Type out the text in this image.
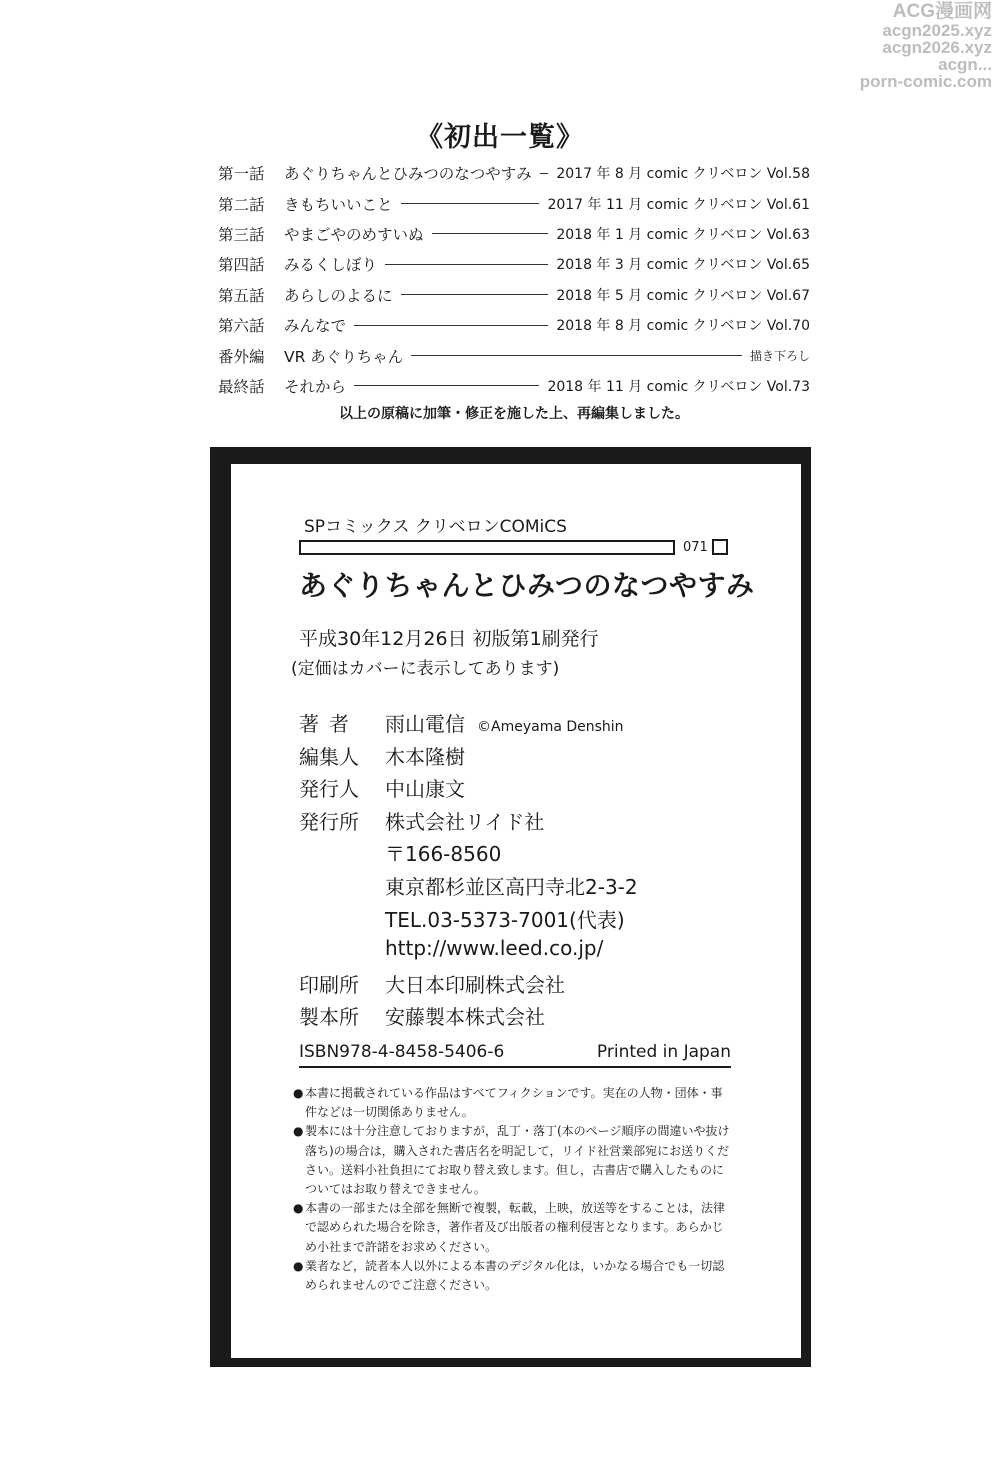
ACG漫画网
acgn2025.xyz
acgn2026.xyz
acgn...
porn-comic.com
《初出一覧》
第一話	あぐりちゃんとひみつのなつやすみ	2017 年 8 月 comic クリベロン Vol.58
第二話	きもちいいこと	2017 年 11 月 comic クリベロン Vol.61
第三話	やまごやのめすいぬ	2018 年 1 月 comic クリベロン Vol.63
第四話	みるくしぼり	2018 年 3 月 comic クリベロン Vol.65
第五話	あらしのよるに	2018 年 5 月 comic クリベロン Vol.67
第六話	みんなで	2018 年 8 月 comic クリベロン Vol.70
番外編	VR あぐりちゃん	描き下ろし
最終話	それから	2018 年 11 月 comic クリベロン Vol.73
以上の原稿に加筆・修正を施した上、再編集しました。
SPコミックス クリベロンCOMiCS
071
あぐりちゃんとひみつのなつやすみ
平成30年12月26日 初版第1刷発行
(定価はカバーに表示してあります)
著者	雨山電信 ©Ameyama Denshin
編集人	木本隆樹
発行人	中山康文
発行所	株式会社リイド社
〒166-8560
東京都杉並区高円寺北2-3-2
TEL.03-5373-7001(代表)
http://www.leed.co.jp/
印刷所	大日本印刷株式会社
製本所	安藤製本株式会社
ISBN978-4-8458-5406-6	Printed in Japan
● 本書に掲載されている作品はすべてフィクションです。実在の人物・団体・事件などは一切関係ありません。
● 製本には十分注意しておりますが，乱丁・落丁(本のページ順序の間違いや抜け落ち)の場合は，購入された書店名を明記して，リイド社営業部宛にお送りください。送料小社負担にてお取り替え致します。但し，古書店で購入したものについてはお取り替えできません。
● 本書の一部または全部を無断で複製，転載，上映，放送等をすることは，法律で認められた場合を除き，著作者及び出版者の権利侵害となります。あらかじめ小社まで許諾をお求めください。
● 業者など，読者本人以外による本書のデジタル化は，いかなる場合でも一切認められませんのでご注意ください。
